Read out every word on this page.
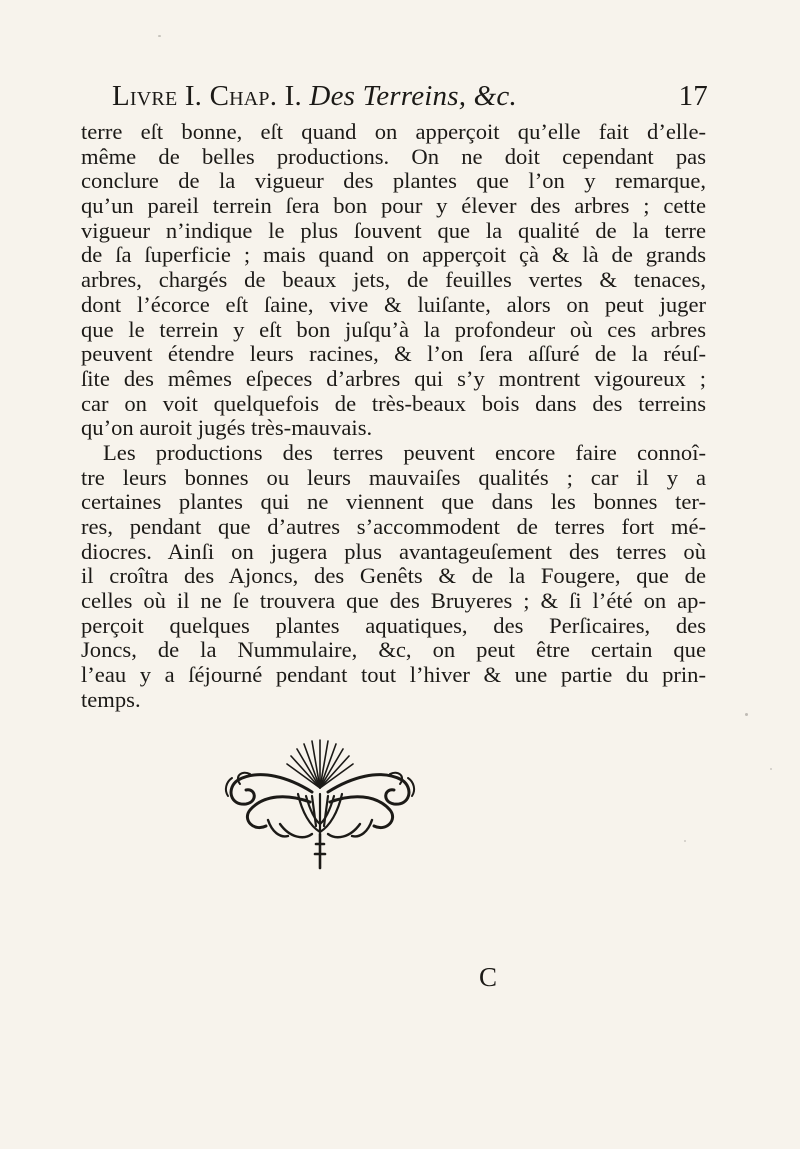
Livre I. Chap. I. Des Terreins, &c.	17
terre eſt bonne, eſt quand on apperçoit qu’elle fait d’elle-
même de belles productions. On ne doit cependant pas
conclure de la vigueur des plantes que l’on y remarque,
qu’un pareil terrein ſera bon pour y élever des arbres ; cette
vigueur n’indique le plus ſouvent que la qualité de la terre
de ſa ſuperficie ; mais quand on apperçoit çà & là de grands
arbres, chargés de beaux jets, de feuilles vertes & tenaces,
dont l’écorce eſt ſaine, vive & luiſante, alors on peut juger
que le terrein y eſt bon juſqu’à la profondeur où ces arbres
peuvent étendre leurs racines, & l’on ſera aſſuré de la réuſ-
ſite des mêmes eſpeces d’arbres qui s’y montrent vigoureux ;
car on voit quelquefois de très-beaux bois dans des terreins
qu’on auroit jugés très-mauvais.
Les productions des terres peuvent encore faire connoî-
tre leurs bonnes ou leurs mauvaiſes qualités ; car il y a
certaines plantes qui ne viennent que dans les bonnes ter-
res, pendant que d’autres s’accommodent de terres fort mé-
diocres. Ainſi on jugera plus avantageuſement des terres où
il croîtra des Ajoncs, des Genêts & de la Fougere, que de
celles où il ne ſe trouvera que des Bruyeres ; & ſi l’été on ap-
perçoit quelques plantes aquatiques, des Perſicaires, des
Joncs, de la Nummulaire, &c, on peut être certain que
l’eau y a ſéjourné pendant tout l’hiver & une partie du prin-
temps.
C
